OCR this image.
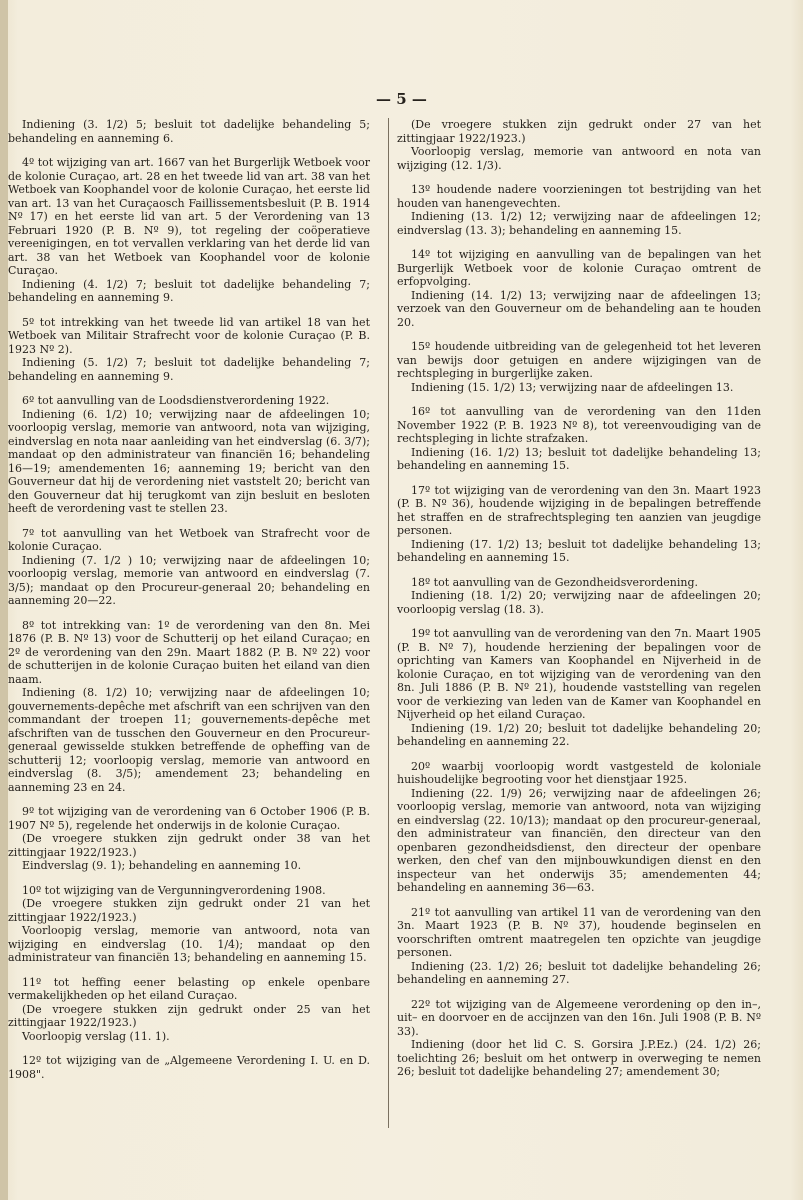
— 5 —

Indiening (3. 1/2) 5; besluit tot dadelijke behandeling 5; behandeling en aanneming 6.

4º tot wijziging van art. 1667 van het Burgerlijk Wetboek voor de kolonie Curaçao, art. 28 en het tweede lid van art. 38 van het Wetboek van Koophandel voor de kolonie Curaçao, het eerste lid van art. 13 van het Curaçaosch Faillissementsbesluit (P. B. 1914 Nº 17) en het eerste lid van art. 5 der Verordening van 13 Februari 1920 (P. B. Nº 9), tot regeling der coöperatieve vereenigingen, en tot vervallen verklaring van het derde lid van art. 38 van het Wetboek van Koophandel voor de kolonie Curaçao.

Indiening (4. 1/2) 7; besluit tot dadelijke behandeling 7; behandeling en aanneming 9.

5º tot intrekking van het tweede lid van artikel 18 van het Wetboek van Militair Strafrecht voor de kolonie Curaçao (P. B. 1923 Nº 2).

Indiening (5. 1/2) 7; besluit tot dadelijke behandeling 7; behandeling en aanneming 9.

6º tot aanvulling van de Loodsdienstverordening 1922.

Indiening (6. 1/2) 10; verwijzing naar de afdeelingen 10; voorloopig verslag, memorie van antwoord, nota van wijziging, eindverslag en nota naar aanleiding van het eindverslag (6. 3/7); mandaat op den administrateur van financiën 16; behandeling 16—19; amendementen 16; aanneming 19; bericht van den Gouverneur dat hij de verordening niet vaststelt 20; bericht van den Gouverneur dat hij terugkomt van zijn besluit en besloten heeft de verordening vast te stellen 23.

7º tot aanvulling van het Wetboek van Strafrecht voor de kolonie Curaçao.

Indiening (7. 1/2 ) 10; verwijzing naar de afdeelingen 10; voorloopig verslag, memorie van antwoord en eindverslag (7. 3/5); mandaat op den Procureur-generaal 20; behandeling en aanneming 20—22.

8º tot intrekking van: 1º de verordening van den 8n. Mei 1876 (P. B. Nº 13) voor de Schutterij op het eiland Curaçao; en 2º de verordening van den 29n. Maart 1882 (P. B. Nº 22) voor de schutterijen in de kolonie Curaçao buiten het eiland van dien naam.

Indiening (8. 1/2) 10; verwijzing naar de afdeelingen 10; gouvernements-depêche met afschrift van een schrijven van den commandant der troepen 11; gouvernements-depêche met afschriften van de tusschen den Gouverneur en den Procureur-generaal gewisselde stukken betreffende de opheffing van de schutterij 12; voorloopig verslag, memorie van antwoord en eindverslag (8. 3/5); amendement 23; behandeling en aanneming 23 en 24.

9º tot wijziging van de verordening van 6 October 1906 (P. B. 1907 Nº 5), regelende het onderwijs in de kolonie Curaçao.

(De vroegere stukken zijn gedrukt onder 38 van het zittingjaar 1922/1923.)

Eindverslag (9. 1); behandeling en aanneming 10.

10º tot wijziging van de Vergunningverordening 1908.

(De vroegere stukken zijn gedrukt onder 21 van het zittingjaar 1922/1923.)

Voorloopig verslag, memorie van antwoord, nota van wijziging en eindverslag (10. 1/4); mandaat op den administrateur van financiën 13; behandeling en aanneming 15.

11º tot heffing eener belasting op enkele openbare vermakelijkheden op het eiland Curaçao.

(De vroegere stukken zijn gedrukt onder 25 van het zittingjaar 1922/1923.)

Voorloopig verslag (11. 1).

12º tot wijziging van de „Algemeene Verordening I. U. en D. 1908".

(De vroegere stukken zijn gedrukt onder 27 van het zittingjaar 1922/1923.)

Voorloopig verslag, memorie van antwoord en nota van wijziging (12. 1/3).

13º houdende nadere voorzieningen tot bestrijding van het houden van hanengevechten.

Indiening (13. 1/2) 12; verwijzing naar de afdeelingen 12; eindverslag (13. 3); behandeling en aanneming 15.

14º tot wijziging en aanvulling van de bepalingen van het Burgerlijk Wetboek voor de kolonie Curaçao omtrent de erfopvolging.

Indiening (14. 1/2) 13; verwijzing naar de afdeelingen 13; verzoek van den Gouverneur om de behandeling aan te houden 20.

15º houdende uitbreiding van de gelegenheid tot het leveren van bewijs door getuigen en andere wijzigingen van de rechtspleging in burgerlijke zaken.

Indiening (15. 1/2) 13; verwijzing naar de afdeelingen 13.

16º tot aanvulling van de verordening van den 11den November 1922 (P. B. 1923 Nº 8), tot vereenvoudiging van de rechtspleging in lichte strafzaken.

Indiening (16. 1/2) 13; besluit tot dadelijke behandeling 13; behandeling en aanneming 15.

17º tot wijziging van de verordening van den 3n. Maart 1923 (P. B. Nº 36), houdende wijziging in de bepalingen betreffende het straffen en de strafrechtspleging ten aanzien van jeugdige personen.

Indiening (17. 1/2) 13; besluit tot dadelijke behandeling 13; behandeling en aanneming 15.

18º tot aanvulling van de Gezondheidsverordening.

Indiening (18. 1/2) 20; verwijzing naar de afdeelingen 20; voorloopig verslag (18. 3).

19º tot aanvulling van de verordening van den 7n. Maart 1905 (P. B. Nº 7), houdende herziening der bepalingen voor de oprichting van Kamers van Koophandel en Nijverheid in de kolonie Curaçao, en tot wijziging van de verordening van den 8n. Juli 1886 (P. B. Nº 21), houdende vaststelling van regelen voor de verkiezing van leden van de Kamer van Koophandel en Nijverheid op het eiland Curaçao.

Indiening (19. 1/2) 20; besluit tot dadelijke behandeling 20; behandeling en aanneming 22.

20º waarbij voorloopig wordt vastgesteld de koloniale huishoudelijke begrooting voor het dienstjaar 1925.

Indiening (22. 1/9) 26; verwijzing naar de afdeelingen 26; voorloopig verslag, memorie van antwoord, nota van wijziging en eindverslag (22. 10/13); mandaat op den procureur-generaal, den administrateur van financiën, den directeur van den openbaren gezondheidsdienst, den directeur der openbare werken, den chef van den mijnbouwkundigen dienst en den inspecteur van het onderwijs 35; amendementen 44; behandeling en aanneming 36—63.

21º tot aanvulling van artikel 11 van de verordening van den 3n. Maart 1923 (P. B. Nº 37), houdende beginselen en voorschriften omtrent maatregelen ten opzichte van jeugdige personen.

Indiening (23. 1/2) 26; besluit tot dadelijke behandeling 26; behandeling en aanneming 27.

22º tot wijziging van de Algemeene verordening op den in–, uit– en doorvoer en de accijnzen van den 16n. Juli 1908 (P. B. Nº 33).

Indiening (door het lid C. S. Gorsira J.P.Ez.) (24. 1/2) 26; toelichting 26; besluit om het ontwerp in overweging te nemen 26; besluit tot dadelijke behandeling 27; amendement 30;
